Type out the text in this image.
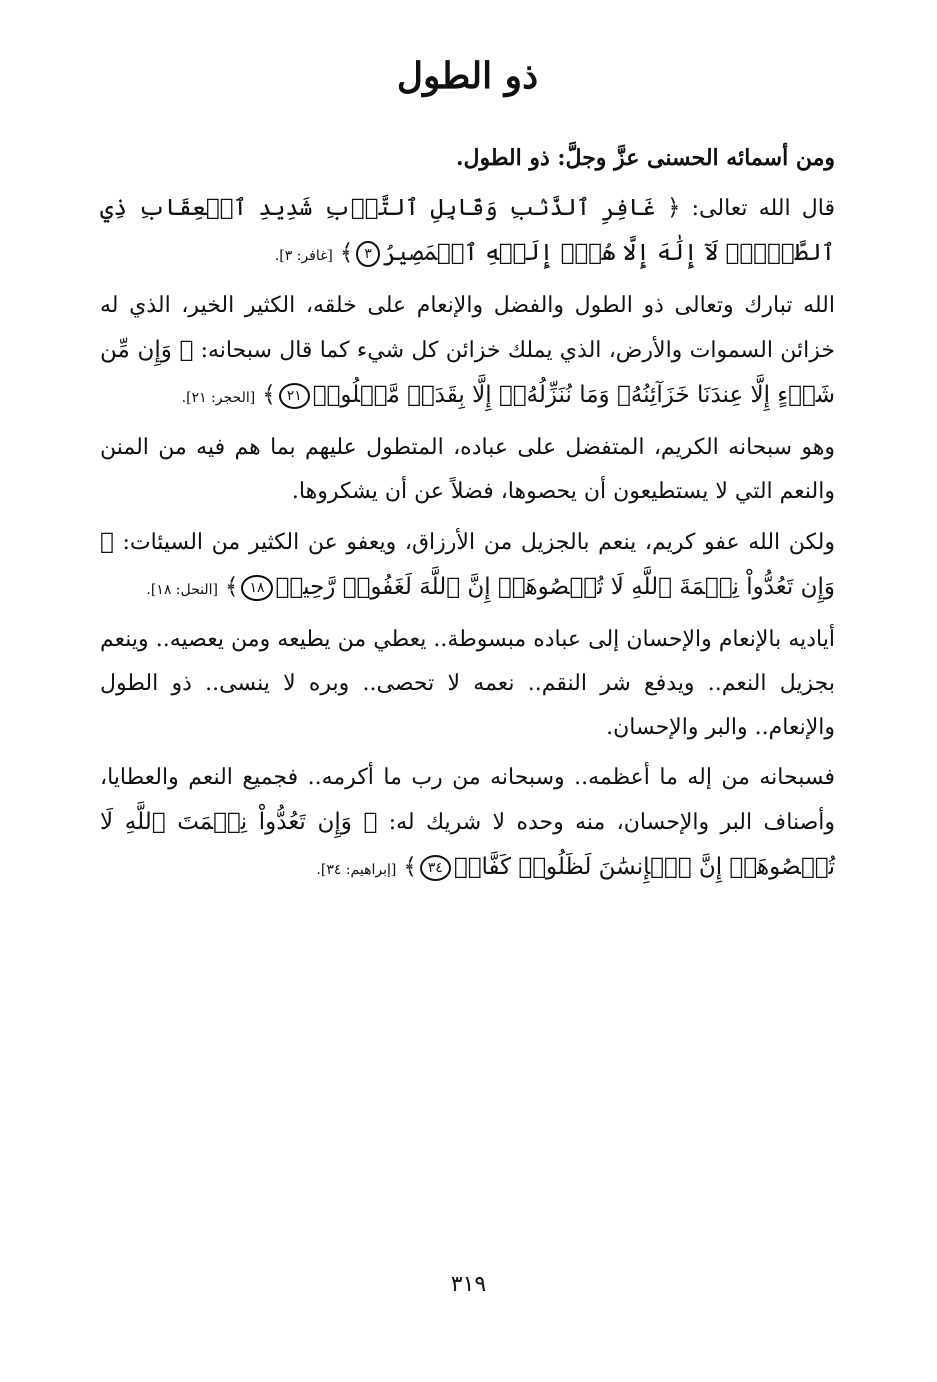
ذو الطول

ومن أسمائه الحسنى عزَّ وجلَّ: ذو الطول.

قال الله تعالى: ﴿ غَافِرِ ٱلذَّنۢبِ وَقَابِلِ ٱلتَّوۡبِ شَدِيدِ ٱلۡعِقَابِ ذِي ٱلطَّوۡلِۖ لَآ إِلَٰهَ إِلَّا هُوَۖ إِلَيۡهِ ٱلۡمَصِيرُ٣﴾ [غافر: ٣].

الله تبارك وتعالى ذو الطول والفضل والإنعام على خلقه، الكثير الخير، الذي له خزائن السموات والأرض، الذي يملك خزائن كل شيء كما قال سبحانه: ﴿ وَإِن مِّن شَيۡءٍ إِلَّا عِندَنَا خَزَآئِنُهُۥ وَمَا نُنَزِّلُهُۥٓ إِلَّا بِقَدَرٖ مَّعۡلُومٖ٢١﴾ [الحجر: ٢١].

وهو سبحانه الكريم، المتفضل على عباده، المتطول عليهم بما هم فيه من المنن والنعم التي لا يستطيعون أن يحصوها، فضلاً عن أن يشكروها.

ولكن الله عفو كريم، ينعم بالجزيل من الأرزاق، ويعفو عن الكثير من السيئات: ﴿ وَإِن تَعُدُّواْ نِعۡمَةَ ٱللَّهِ لَا تُحۡصُوهَآۗ إِنَّ ٱللَّهَ لَغَفُورٞ رَّحِيمٞ١٨﴾ [النحل: ١٨].

أياديه بالإنعام والإحسان إلى عباده مبسوطة.. يعطي من يطيعه ومن يعصيه.. وينعم بجزيل النعم.. ويدفع شر النقم.. نعمه لا تحصى.. وبره لا ينسى.. ذو الطول والإنعام.. والبر والإحسان.

فسبحانه من إله ما أعظمه.. وسبحانه من رب ما أكرمه.. فجميع النعم والعطايا، وأصناف البر والإحسان، منه وحده لا شريك له: ﴿ وَإِن تَعُدُّواْ نِعۡمَتَ ٱللَّهِ لَا تُحۡصُوهَآۗ إِنَّ ٱلۡإِنسَٰنَ لَظَلُومٞ كَفَّارٞ٣٤﴾ [إبراهيم: ٣٤].

٣١٩
